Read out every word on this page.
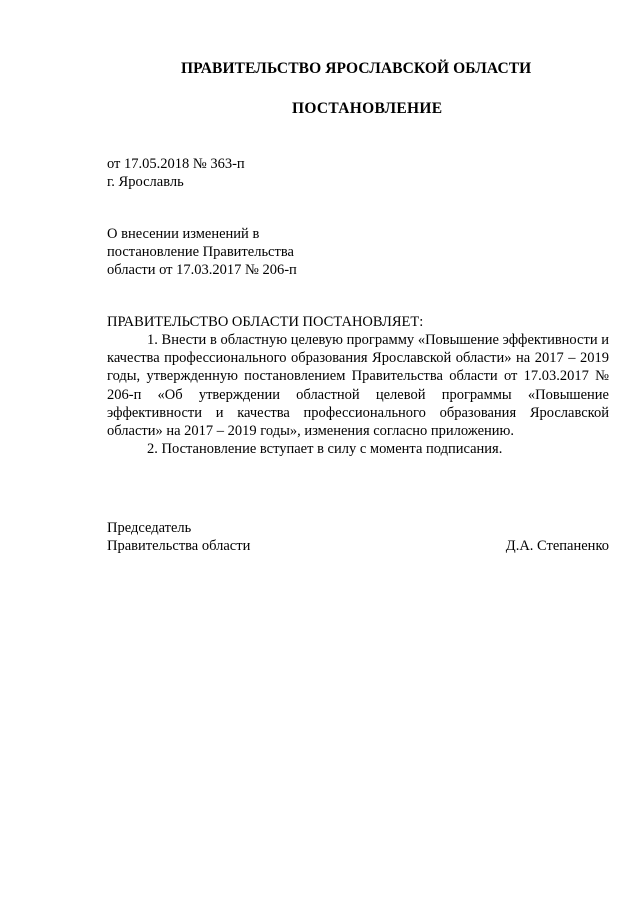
ПРАВИТЕЛЬСТВО ЯРОСЛАВСКОЙ ОБЛАСТИ
ПОСТАНОВЛЕНИЕ
от 17.05.2018 № 363-п
г. Ярославль
О внесении изменений в
постановление Правительства
области от 17.03.2017 № 206-п
ПРАВИТЕЛЬСТВО ОБЛАСТИ ПОСТАНОВЛЯЕТ:

1. Внести в областную целевую программу «Повышение эффективности и качества профессионального образования Ярославской области» на 2017 – 2019 годы, утвержденную постановлением Правительства области от 17.03.2017 № 206-п «Об утверждении областной целевой программы «Повышение эффективности и качества профессионального образования Ярославской области» на 2017 – 2019 годы», изменения согласно приложению.

2. Постановление вступает в силу с момента подписания.

Председатель
Правительства области	Д.А. Степаненко
